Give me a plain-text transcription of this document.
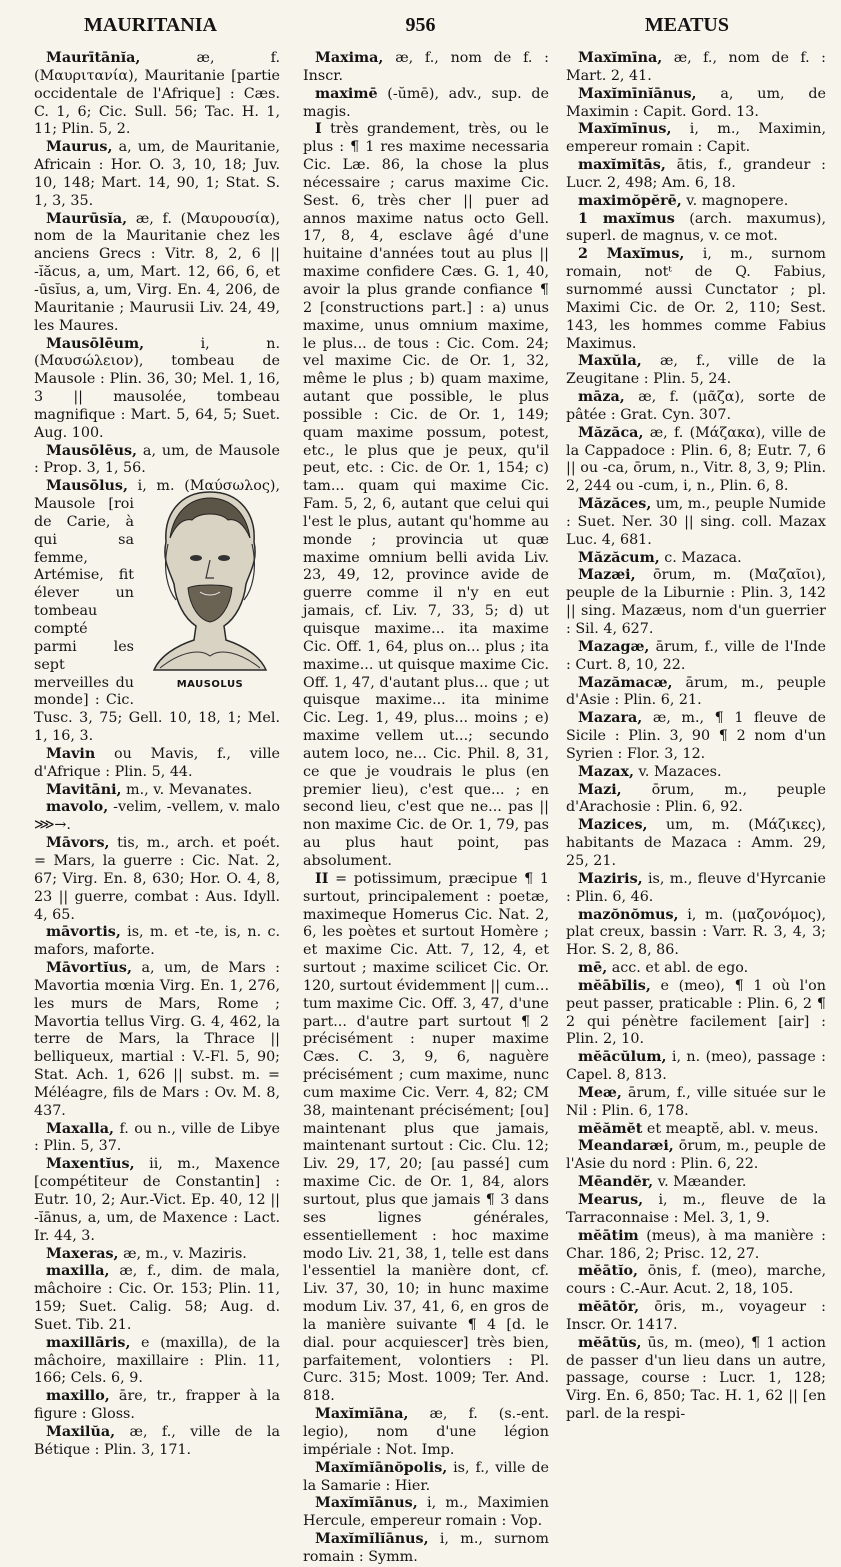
MAURITANIA	956	MEATUS

Maurītānĭa, æ, f. (Μαυριτανία), Mauritanie [partie occidentale de l'Afrique] : Cæs. C. 1, 6; Cic. Sull. 56; Tac. H. 1, 11; Plin. 5, 2.

Maurus, a, um, de Mauritanie, Africain : Hor. O. 3, 10, 18; Juv. 10, 148; Mart. 14, 90, 1; Stat. S. 1, 3, 35.

Maurūsĭa, æ, f. (Μαυρουσία), nom de la Mauritanie chez les anciens Grecs : Vitr. 8, 2, 6 || -ĭăcus, a, um, Mart. 12, 66, 6, et -ūsĭus, a, um, Virg. En. 4, 206, de Mauritanie ; Maurusii Liv. 24, 49, les Maures.

Mausōlēum, i, n. (Μαυσώλειον), tombeau de Mausole : Plin. 36, 30; Mel. 1, 16, 3 || mausolée, tombeau magnifique : Mart. 5, 64, 5; Suet. Aug. 100.

Mausōlēus, a, um, de Mausole : Prop. 3, 1, 56.

Mausōlus,
MAUSOLUS
i, m. (Μαύσωλος), Mausole [roi de Carie, à qui sa femme, Artémise, fit élever un tombeau compté parmi les sept merveilles du monde] : Cic. Tusc. 3, 75; Gell. 10, 18, 1; Mel. 1, 16, 3.

Mavin ou Mavis, f., ville d'Afrique : Plin. 5, 44.

Mavitāni, m., v. Mevanates.

mavolo, -velim, -vellem, v. malo ⋙→.

Māvors, tis, m., arch. et poét. = Mars, la guerre : Cic. Nat. 2, 67; Virg. En. 8, 630; Hor. O. 4, 8, 23 || guerre, combat : Aus. Idyll. 4, 65.

māvortis, is, m. et -te, is, n. c. mafors, maforte.

Māvortĭus, a, um, de Mars : Mavortia mœnia Virg. En. 1, 276, les murs de Mars, Rome ; Mavortia tellus Virg. G. 4, 462, la terre de Mars, la Thrace || belliqueux, martial : V.-Fl. 5, 90; Stat. Ach. 1, 626 || subst. m. = Méléagre, fils de Mars : Ov. M. 8, 437.

Maxalla, f. ou n., ville de Libye : Plin. 5, 37.

Maxentĭus, ii, m., Maxence [compétiteur de Constantin] : Eutr. 10, 2; Aur.-Vict. Ep. 40, 12 || -ĭānus, a, um, de Maxence : Lact. Ir. 44, 3.

Maxeras, æ, m., v. Maziris.

maxilla, æ, f., dim. de mala, mâchoire : Cic. Or. 153; Plin. 11, 159; Suet. Calig. 58; Aug. d. Suet. Tib. 21.

maxillāris, e (maxilla), de la mâchoire, maxillaire : Plin. 11, 166; Cels. 6, 9.

maxillo, āre, tr., frapper à la figure : Gloss.

Maxilŭa, æ, f., ville de la Bétique : Plin. 3, 171.

Maxima, æ, f., nom de f. : Inscr.

maximē (-ŭmē), adv., sup. de magis.

I très grandement, très, ou le plus : ¶ 1 res maxime necessaria Cic. Læ. 86, la chose la plus nécessaire ; carus maxime Cic. Sest. 6, très cher || puer ad annos maxime natus octo Gell. 17, 8, 4, esclave âgé d'une huitaine d'années tout au plus || maxime confidere Cæs. G. 1, 40, avoir la plus grande confiance ¶ 2 [constructions part.] : a) unus maxime, unus omnium maxime, le plus... de tous : Cic. Com. 24; vel maxime Cic. de Or. 1, 32, même le plus ; b) quam maxime, autant que possible, le plus possible : Cic. de Or. 1, 149; quam maxime possum, potest, etc., le plus que je peux, qu'il peut, etc. : Cic. de Or. 1, 154; c) tam... quam qui maxime Cic. Fam. 5, 2, 6, autant que celui qui l'est le plus, autant qu'homme au monde ; provincia ut quæ maxime omnium belli avida Liv. 23, 49, 12, province avide de guerre comme il n'y en eut jamais, cf. Liv. 7, 33, 5; d) ut quisque maxime... ita maxime Cic. Off. 1, 64, plus on... plus ; ita maxime... ut quisque maxime Cic. Off. 1, 47, d'autant plus... que ; ut quisque maxime... ita minime Cic. Leg. 1, 49, plus... moins ; e) maxime vellem ut...; secundo autem loco, ne... Cic. Phil. 8, 31, ce que je voudrais le plus (en premier lieu), c'est que... ; en second lieu, c'est que ne... pas || non maxime Cic. de Or. 1, 79, pas au plus haut point, pas absolument.

II = potissimum, præcipue ¶ 1 surtout, principalement : poetæ, maximeque Homerus Cic. Nat. 2, 6, les poètes et surtout Homère ; et maxime Cic. Att. 7, 12, 4, et surtout ; maxime scilicet Cic. Or. 120, surtout évidemment || cum... tum maxime Cic. Off. 3, 47, d'une part... d'autre part surtout ¶ 2 précisément : nuper maxime Cæs. C. 3, 9, 6, naguère précisément ; cum maxime, nunc cum maxime Cic. Verr. 4, 82; CM 38, maintenant précisément; [ou] maintenant plus que jamais, maintenant surtout : Cic. Clu. 12; Liv. 29, 17, 20; [au passé] cum maxime Cic. de Or. 1, 84, alors surtout, plus que jamais ¶ 3 dans ses lignes générales, essentiellement : hoc maxime modo Liv. 21, 38, 1, telle est dans l'essentiel la manière dont, cf. Liv. 37, 30, 10; in hunc maxime modum Liv. 37, 41, 6, en gros de la manière suivante ¶ 4 [d. le dial. pour acquiescer] très bien, parfaitement, volontiers : Pl. Curc. 315; Most. 1009; Ter. And. 818.

Maxĭmĭāna, æ, f. (s.-ent. legio), nom d'une légion impériale : Not. Imp.

Maxĭmĭānŏpolis, is, f., ville de la Samarie : Hier.

Maxĭmĭānus, i, m., Maximien Hercule, empereur romain : Vop.

Maxĭmĭlĭānus, i, m., surnom romain : Symm.

Maxĭmīna, æ, f., nom de f. : Mart. 2, 41.

Maxĭmīnĭānus, a, um, de Maximin : Capit. Gord. 13.

Maxĭmīnus, i, m., Maximin, empereur romain : Capit.

maxĭmĭtās, ātis, f., grandeur : Lucr. 2, 498; Am. 6, 18.

maximŏpĕrē, v. magnopere.

1 maxĭmus (arch. maxumus), superl. de magnus, v. ce mot.

2 Maxĭmus, i, m., surnom romain, notᵗ de Q. Fabius, surnommé aussi Cunctator ; pl. Maximi Cic. de Or. 2, 110; Sest. 143, les hommes comme Fabius Maximus.

Maxŭla, æ, f., ville de la Zeugitane : Plin. 5, 24.

māza, æ, f. (μᾶζα), sorte de pâtée : Grat. Cyn. 307.

Măzăca, æ, f. (Μάζακα), ville de la Cappadoce : Plin. 6, 8; Eutr. 7, 6 || ou -ca, ōrum, n., Vitr. 8, 3, 9; Plin. 2, 244 ou -cum, i, n., Plin. 6, 8.

Măzăces, um, m., peuple Numide : Suet. Ner. 30 || sing. coll. Mazax Luc. 4, 681.

Măzăcum, c. Mazaca.

Mazæi, ōrum, m. (Μαζαῖοι), peuple de la Liburnie : Plin. 3, 142 || sing. Mazæus, nom d'un guerrier : Sil. 4, 627.

Mazagæ, ārum, f., ville de l'Inde : Curt. 8, 10, 22.

Mazămacæ, ārum, m., peuple d'Asie : Plin. 6, 21.

Mazara, æ, m., ¶ 1 fleuve de Sicile : Plin. 3, 90 ¶ 2 nom d'un Syrien : Flor. 3, 12.

Mazax, v. Mazaces.

Mazi, ōrum, m., peuple d'Arachosie : Plin. 6, 92.

Mazices, um, m. (Μάζικες), habitants de Mazaca : Amm. 29, 25, 21.

Maziris, is, m., fleuve d'Hyrcanie : Plin. 6, 46.

mazŏnŏmus, i, m. (μαζονόμος), plat creux, bassin : Varr. R. 3, 4, 3; Hor. S. 2, 8, 86.

mē, acc. et abl. de ego.

mĕābĭlis, e (meo), ¶ 1 où l'on peut passer, praticable : Plin. 6, 2 ¶ 2 qui pénètre facilement [air] : Plin. 2, 10.

mĕācŭlum, i, n. (meo), passage : Capel. 8, 813.

Meæ, ārum, f., ville située sur le Nil : Plin. 6, 178.

mĕămĕt et meaptĕ, abl. v. meus.

Meandaræi, ōrum, m., peuple de l'Asie du nord : Plin. 6, 22.

Mēandĕr, v. Mæander.

Mearus, i, m., fleuve de la Tarraconnaise : Mel. 3, 1, 9.

mĕātim (meus), à ma manière : Char. 186, 2; Prisc. 12, 27.

mĕātĭo, ōnis, f. (meo), marche, cours : C.-Aur. Acut. 2, 18, 105.

mĕātŏr, ōris, m., voyageur : Inscr. Or. 1417.

mĕātŭs, ūs, m. (meo), ¶ 1 action de passer d'un lieu dans un autre, passage, course : Lucr. 1, 128; Virg. En. 6, 850; Tac. H. 1, 62 || [en parl. de la respi-
